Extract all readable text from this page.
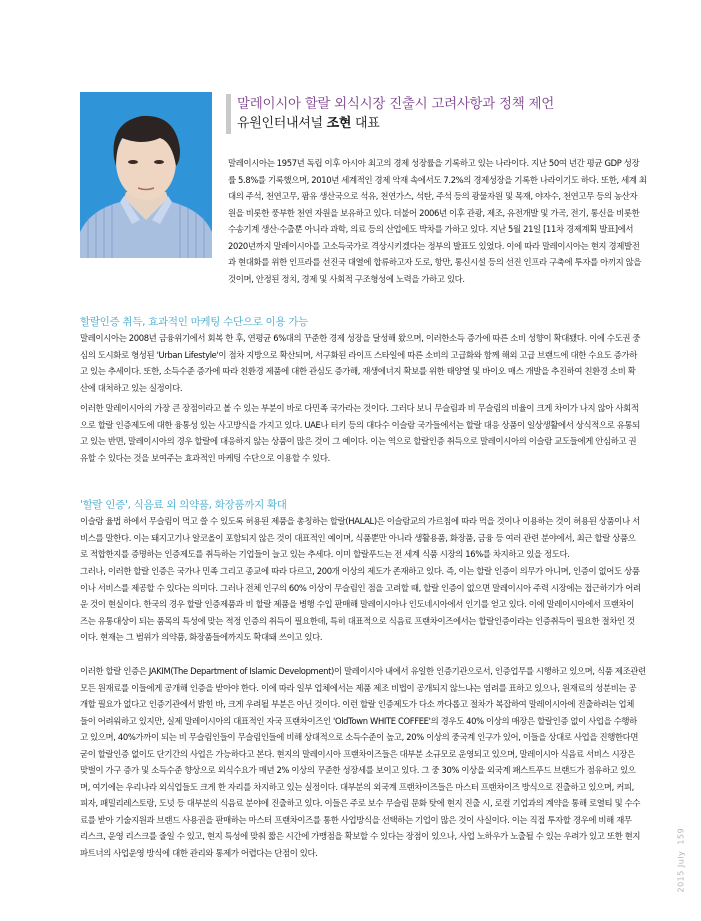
말레이시아 할랄 외식시장 진출시 고려사항과 정책 제언
유원인터내셔널 조현 대표
말레이시아는 1957년 독립 이후 아시아 최고의 경제 성장률을 기록하고 있는 나라이다. 지난 50여 년간 평균 GDP 성장
률 5.8%를 기록했으며, 2010년 세계적인 경제 악재 속에서도 7.2%의 경제성장을 기록한 나라이기도 하다. 또한, 세계 최
대의 주석, 천연고무, 팜유 생산국으로 석유, 천연가스, 석탄, 주석 등의 광물자원 및 목재, 야자수, 천연고무 등의 농산자
원을 비롯한 풍부한 천연 자원을 보유하고 있다. 더불어 2006년 이후 관광, 제조, 유전개발 및 가곡, 전기, 통신을 비롯한
수송기계 생산·수출뿐 아니라 과학, 의료 등의 산업에도 박차를 가하고 있다. 지난 5월 21일 [11차 경제계획 발표]에서
2020년까지 말레이시아를 고소득국가로 격상시키겠다는 정부의 발표도 있었다. 이에 따라 말레이시아는 현지 경제발전
과 현대화를 위한 인프라를 선진국 대열에 합류하고자 도로, 항만, 통신시설 등의 선진 인프라 구축에 투자를 아끼지 않을
것이며, 안정된 정치, 경제 및 사회적 구조형성에 노력을 가하고 있다.
할랄인증 취득, 효과적인 마케팅 수단으로 이용 가능
말레이시아는 2008년 금융위기에서 회복 한 후, 연평균 6%대의 꾸준한 경제 성장을 달성해 왔으며, 이러한소득 증가에 따른 소비 성향이 확대됐다. 이에 수도권 중
심의 도시화로 형성된 'Urban Lifestyle'이 점차 지방으로 확산되며, 서구화된 라이프 스타일에 따른 소비의 고급화와 함께 해외 고급 브랜드에 대한 수요도 증가하
고 있는 추세이다. 또한, 소득수준 증가에 따라 친환경 제품에 대한 관심도 증가해, 재생에너지 확보를 위한 태양열 및 바이오 매스 개발을 추진하여 친환경 소비 확
산에 대처하고 있는 실정이다.
이러한 말레이시아의 가장 큰 장점이라고 볼 수 있는 부분이 바로 다민족 국가라는 것이다. 그러다 보니 무슬림과 비 무슬림의 비율이 크게 차이가 나지 않아 사회적
으로 할랄 인증제도에 대한 융통성 있는 사고방식을 가지고 있다. UAE나 터키 등의 대다수 이슬람 국가들에서는 할랄 대응 상품이 일상생활에서 상식적으로 유통되
고 있는 반면, 말레이시아의 경우 할랄에 대응하지 않는 상품이 많은 것이 그 예이다. 이는 역으로 할랄인증 취득으로 말레이시아의 이슬람 교도들에게 안심하고 권
유할 수 있다는 것을 보여주는 효과적인 마케팅 수단으로 이용할 수 있다.
'할랄 인증', 식음료 외 의약품, 화장품까지 확대
이슬람 율법 하에서 무슬림이 먹고 쓸 수 있도록 허용된 제품을 총칭하는 할랄(HALAL)은 이슬람교의 가르침에 따라 먹을 것이나 이용하는 것이 허용된 상품이나 서
비스를 말한다. 이는 돼지고기나 알코올이 포함되지 않은 것이 대표적인 예이며, 식품뿐만 아니라 생활용품, 화장품, 금융 등 여러 관련 분야에서, 최근 할랄 상품으
로 적합한지를 증명하는 인증제도를 취득하는 기업들이 늘고 있는 추세다. 이미 할랄푸드는 전 세계 식품 시장의 16%를 차지하고 있을 정도다.
그러나, 이러한 할랄 인증은 국가나 민족 그리고 종교에 따라 다르고, 200개 이상의 제도가 존재하고 있다. 즉, 이는 할랄 인증이 의무가 아니며, 인증이 없어도 상품
이나 서비스를 제공할 수 있다는 의미다. 그러나 전체 인구의 60% 이상이 무슬림인 점을 고려할 때, 할랄 인증이 없으면 말레이시아 주력 시장에는 접근하기가 어려
운 것이 현실이다. 한국의 경우 할랄 인증제품과 비 할랄 제품을 병행 수입 판매해 말레이시아나 인도네시아에서 인기를 얻고 있다. 이에 말레이시아에서 프랜차이
즈는 유통대상이 되는 품목의 특성에 맞는 적정 인증의 취득이 필요한데, 특히 대표적으로 식음료 프랜차이즈에서는 할랄인증이라는 인증취득이 필요한 절차인 것
이다. 현재는 그 범위가 의약품, 화장품들에까지도 확대돼 쓰이고 있다.
이러한 할랄 인증은 JAKIM(The Department of Islamic Development)이 말레이시아 내에서 유일한 인증기관으로서, 인증업무를 시행하고 있으며, 식품 제조관련
모든 원재료를 이들에게 공개해 인증을 받아야 한다. 이에 따라 일부 업체에서는 제품 제조 비법이 공개되지 않느냐는 염려를 표하고 있으나, 원재료의 성분비는 공
개할 필요가 없다고 인증기관에서 밝힌 바, 크게 우려될 부분은 아닌 것이다. 이런 할랄 인증제도가 다소 까다롭고 절차가 복잡하여 말레이시아에 진출하려는 업체
들이 어려워하고 있지만, 실제 말레이시아의 대표적인 자국 프랜차이즈인 'OldTown WHITE COFFEE'의 경우도 40% 이상의 매장은 할랄인증 없이 사업을 수행하
고 있으며, 40%가까이 되는 비 무슬림인들이 무슬림인들에 비해 상대적으로 소득수준이 높고, 20% 이상의 중국계 인구가 있어, 이들을 상대로 사업을 진행한다면
굳이 할랄인증 없이도 단기간의 사업은 가능하다고 본다. 현지의 말레이시아 프랜차이즈들은 대부분 소규모로 운영되고 있으며, 말레이시아 식음료 서비스 시장은
맞벌이 가구 증가 및 소득수준 향상으로 외식수요가 매년 2% 이상의 꾸준한 성장세를 보이고 있다. 그 중 30% 이상을 외국계 패스트푸드 브랜드가 점유하고 있으
며, 여기에는 우리나라 외식업들도 크게 한 자리를 차지하고 있는 실정이다. 대부분의 외국계 프랜차이즈들은 마스터 프랜차이즈 방식으로 진출하고 있으며, 커피,
피자, 패밀리레스토랑, 도넛 등 대부분의 식음료 분야에 진출하고 있다. 이들은 주로 보수 무슬림 문화 탓에 현지 진출 시, 로컬 기업과의 계약을 통해 로열티 및 수수
료를 받아 기술지원과 브랜드 사용권을 판매하는 마스터 프랜차이즈를 통한 사업방식을 선택하는 기업이 많은 것이 사실이다. 이는 직접 투자할 경우에 비해 재무
리스크, 운영 리스크를 줄일 수 있고, 현지 특성에 맞춰 짧은 시간에 가맹점을 확보할 수 있다는 장점이 있으나, 사업 노하우가 노출될 수 있는 우려가 있고 또한 현지
파트너의 사업운영 방식에 대한 관리와 통제가 어렵다는 단점이 있다.	2015 July  159
